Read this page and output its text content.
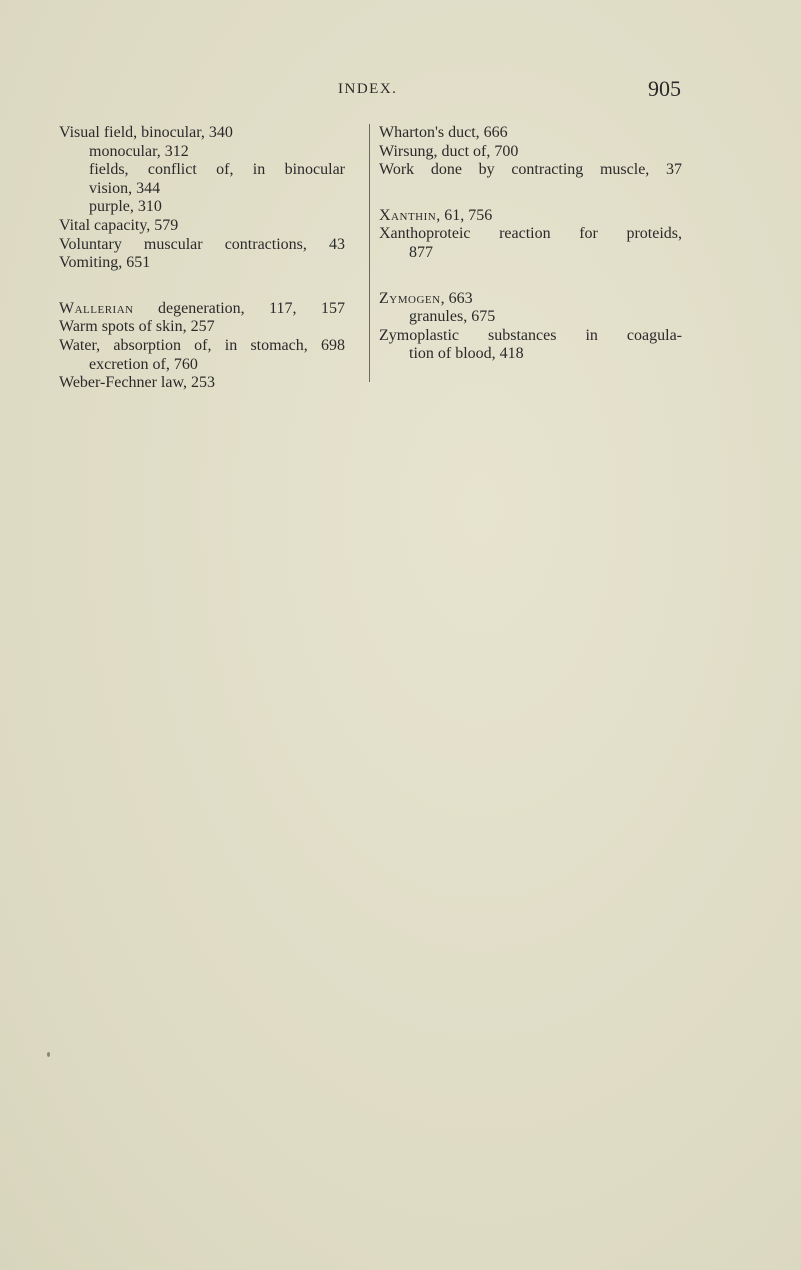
INDEX.	905

Visual field, binocular, 340

monocular, 312

fields, conflict of, in binocular

vision, 344

purple, 310

Vital capacity, 579

Voluntary muscular contractions, 43

Vomiting, 651

Wallerian degeneration, 117, 157

Warm spots of skin, 257

Water, absorption of, in stomach, 698

excretion of, 760

Weber-Fechner law, 253

Wharton's duct, 666

Wirsung, duct of, 700

Work done by contracting muscle, 37

Xanthin, 61, 756

Xanthoproteic reaction for proteids,

877

Zymogen, 663

granules, 675

Zymoplastic substances in coagula-

tion of blood, 418
